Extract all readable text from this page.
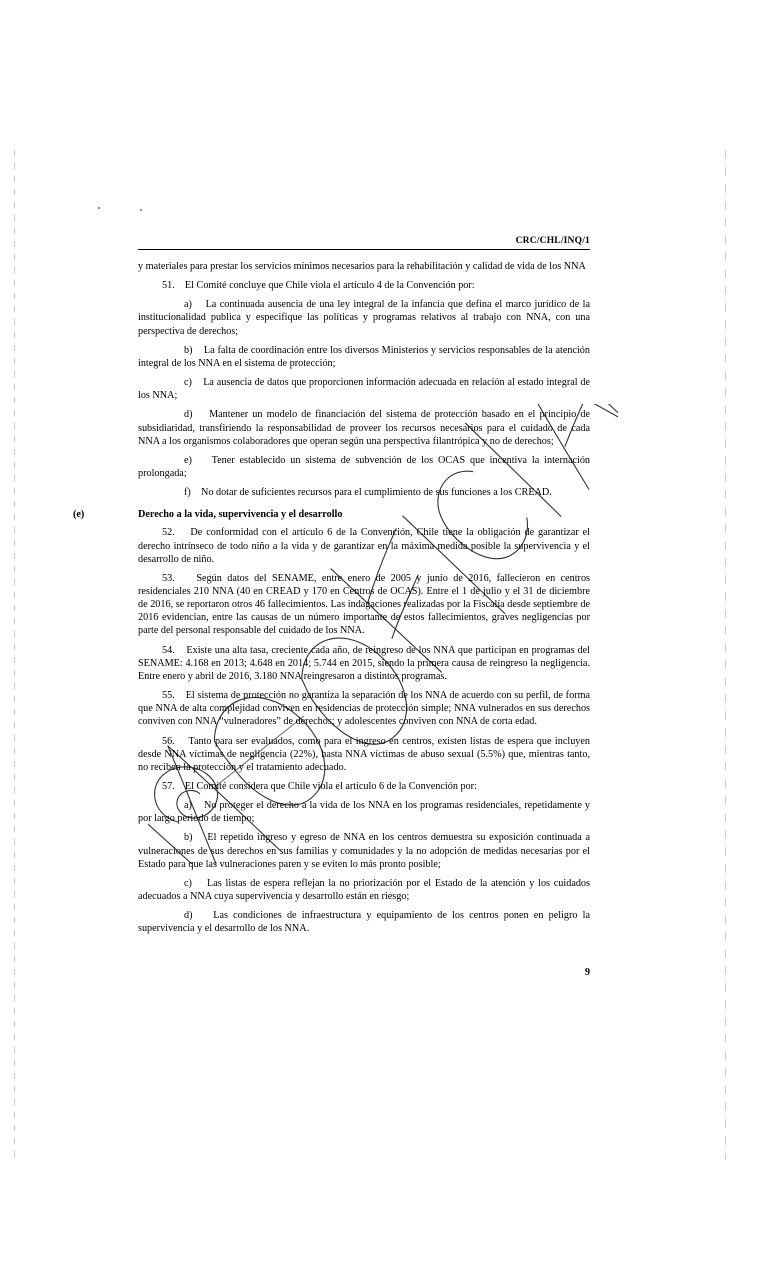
CRC/CHL/INQ/1

y materiales para prestar los servicios mínimos necesarios para la rehabilitación y calidad de vida de los NNA

51. El Comité concluye que Chile viola el artículo 4 de la Convención por:

a) La continuada ausencia de una ley integral de la infancia que defina el marco jurídico de la institucionalidad publica y especifique las políticas y programas relativos al trabajo con NNA, con una perspectiva de derechos;

b) La falta de coordinación entre los diversos Ministerios y servicios responsables de la atención integral de los NNA en el sistema de protección;

c) La ausencia de datos que proporcionen información adecuada en relación al estado integral de los NNA;

d) Mantener un modelo de financiación del sistema de protección basado en el principio de subsidiaridad, transfiriendo la responsabilidad de proveer los recursos necesarios para el cuidado de cada NNA a los organismos colaboradores que operan según una perspectiva filantrópica y no de derechos;

e) Tener establecido un sistema de subvención de los OCAS que incentiva la internación prolongada;

f) No dotar de suficientes recursos para el cumplimiento de sus funciones a los CREAD.

(e)	Derecho a la vida, supervivencia y el desarrollo

52. De conformidad con el artículo 6 de la Convención, Chile tiene la obligación de garantizar el derecho intrínseco de todo niño a la vida y de garantizar en la máxima medida posible la supervivencia y el desarrollo de niño.

53. Según datos del SENAME, entre enero de 2005 y junio de 2016, fallecieron en centros residenciales 210 NNA (40 en CREAD y 170 en Centros de OCAS). Entre el 1 de julio y el 31 de diciembre de 2016, se reportaron otros 46 fallecimientos. Las indagaciones realizadas por la Fiscalía desde septiembre de 2016 evidencian, entre las causas de un número importante de estos fallecimientos, graves negligencias por parte del personal responsable del cuidado de los NNA.

54. Existe una alta tasa, creciente cada año, de reingreso de los NNA que participan en programas del SENAME: 4.168 en 2013; 4.648 en 2014; 5.744 en 2015, siendo la primera causa de reingreso la negligencia. Entre enero y abril de 2016, 3.180 NNA reingresaron a distintos programas.

55. El sistema de protección no garantiza la separación de los NNA de acuerdo con su perfil, de forma que NNA de alta complejidad conviven en residencias de protección simple; NNA vulnerados en sus derechos conviven con NNA “vulneradores” de derechos; y adolescentes conviven con NNA de corta edad.

56. Tanto para ser evaluados, como para el ingreso en centros, existen listas de espera que incluyen desde NNA víctimas de negligencia (22%), hasta NNA víctimas de abuso sexual (5.5%) que, mientras tanto, no reciben la protección y el tratamiento adecuado.

57. El Comité considera que Chile viola el artículo 6 de la Convención por:

a) No proteger el derecho a la vida de los NNA en los programas residenciales, repetidamente y por largo periodo de tiempo;

b) El repetido ingreso y egreso de NNA en los centros demuestra su exposición continuada a vulneraciones de sus derechos en sus familias y comunidades y la no adopción de medidas necesarias por el Estado para que las vulneraciones paren y se eviten lo más pronto posible;

c) Las listas de espera reflejan la no priorización por el Estado de la atención y los cuidados adecuados a NNA cuya supervivencia y desarrollo están en riesgo;

d) Las condiciones de infraestructura y equipamiento de los centros ponen en peligro la supervivencia y el desarrollo de los NNA.

9
